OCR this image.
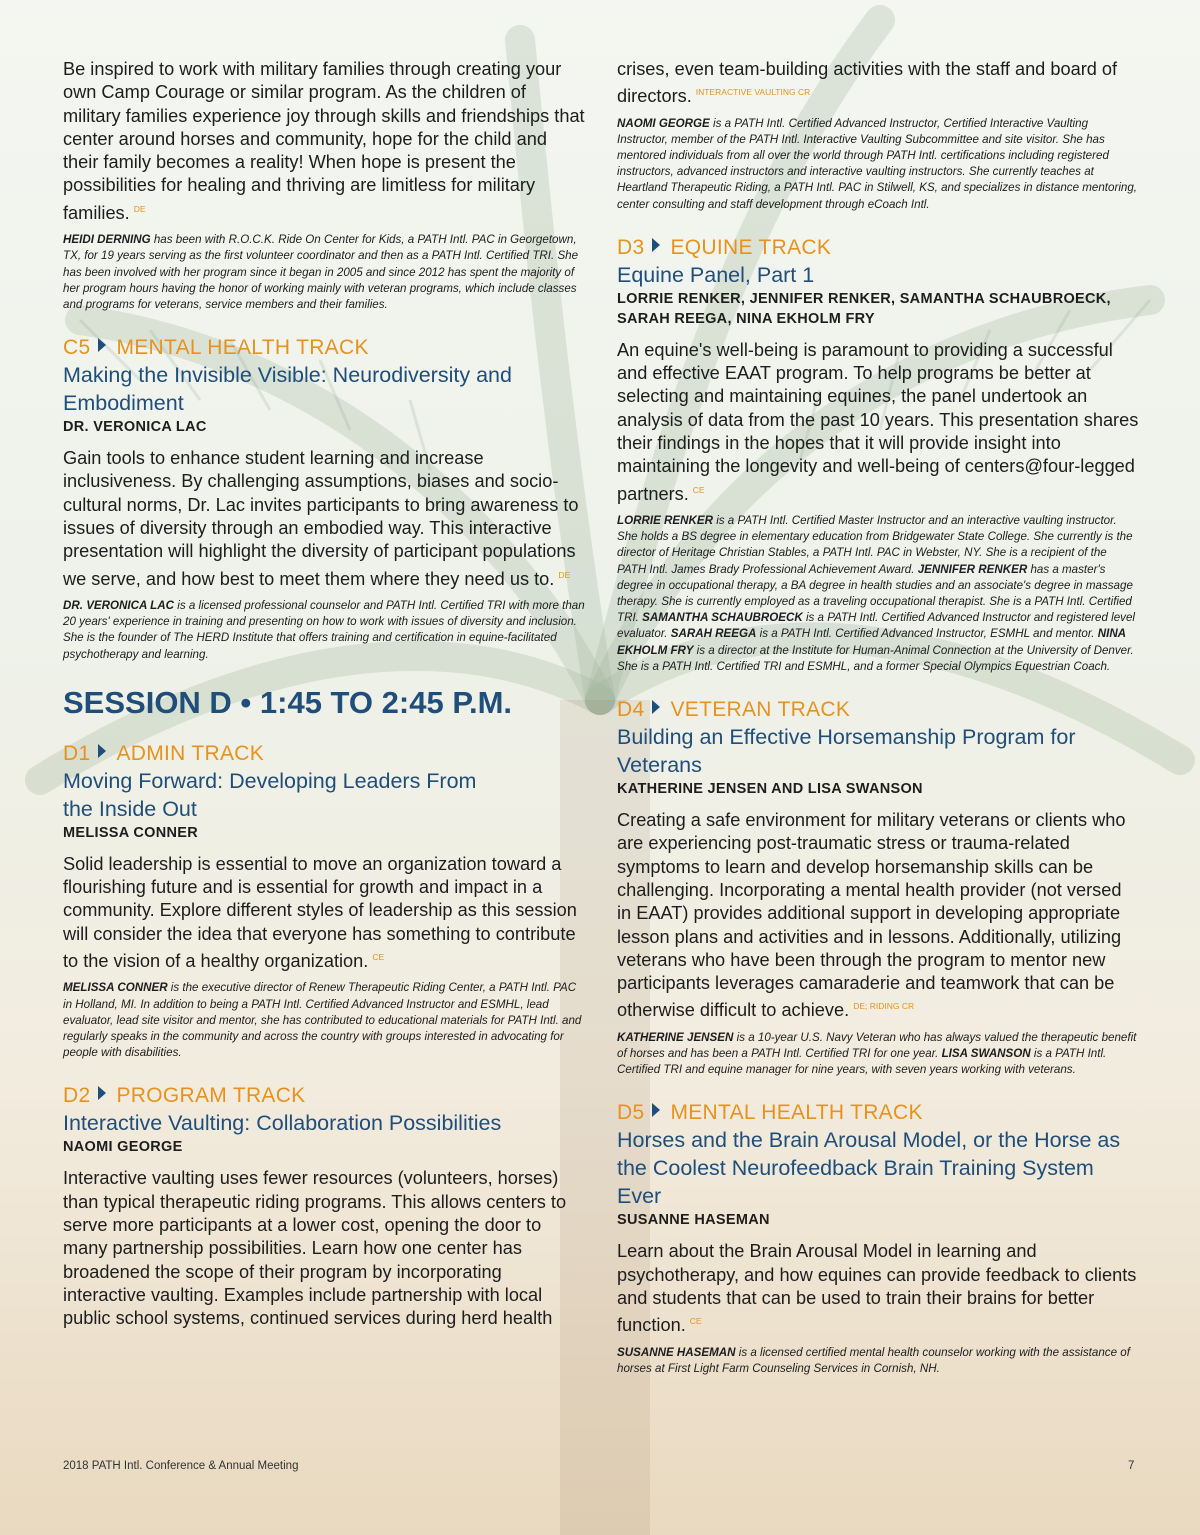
Be inspired to work with military families through creating your own Camp Courage or similar program. As the children of military families experience joy through skills and friendships that center around horses and community, hope for the child and their family becomes a reality! When hope is present the possibilities for healing and thriving are limitless for military families. $^{DE}$

HEIDI DERNING has been with R.O.C.K. Ride On Center for Kids, a PATH Intl. PAC in Georgetown, TX, for 19 years serving as the first volunteer coordinator and then as a PATH Intl. Certified TRI. She has been involved with her program since it began in 2005 and since 2012 has spent the majority of her program hours having the honor of working mainly with veteran programs, which include classes and programs for veterans, service members and their families.

C5 MENTAL HEALTH TRACK

Making the Invisible Visible: Neurodiversity and Embodiment

DR. VERONICA LAC

Gain tools to enhance student learning and increase inclusiveness. By challenging assumptions, biases and socio-cultural norms, Dr. Lac invites participants to bring awareness to issues of diversity through an embodied way. This interactive presentation will highlight the diversity of participant populations we serve, and how best to meet them where they need us to. $^{DE}$

DR. VERONICA LAC is a licensed professional counselor and PATH Intl. Certified TRI with more than 20 years' experience in training and presenting on how to work with issues of diversity and inclusion. She is the founder of The HERD Institute that offers training and certification in equine-facilitated psychotherapy and learning.

SESSION D • 1:45 TO 2:45 P.M.

D1 ADMIN TRACK

Moving Forward: Developing Leaders From the Inside Out

MELISSA CONNER

Solid leadership is essential to move an organization toward a flourishing future and is essential for growth and impact in a community. Explore different styles of leadership as this session will consider the idea that everyone has something to contribute to the vision of a healthy organization. $^{CE}$

MELISSA CONNER is the executive director of Renew Therapeutic Riding Center, a PATH Intl. PAC in Holland, MI. In addition to being a PATH Intl. Certified Advanced Instructor and ESMHL, lead evaluator, lead site visitor and mentor, she has contributed to educational materials for PATH Intl. and regularly speaks in the community and across the country with groups interested in advocating for people with disabilities.

D2 PROGRAM TRACK

Interactive Vaulting: Collaboration Possibilities

NAOMI GEORGE

Interactive vaulting uses fewer resources (volunteers, horses) than typical therapeutic riding programs. This allows centers to serve more participants at a lower cost, opening the door to many partnership possibilities. Learn how one center has broadened the scope of their program by incorporating interactive vaulting. Examples include partnership with local public school systems, continued services during herd health

crises, even team-building activities with the staff and board of directors. $^{INTERACTIVE VAULTING CR}$

NAOMI GEORGE is a PATH Intl. Certified Advanced Instructor, Certified Interactive Vaulting Instructor, member of the PATH Intl. Interactive Vaulting Subcommittee and site visitor. She has mentored individuals from all over the world through PATH Intl. certifications including registered instructors, advanced instructors and interactive vaulting instructors. She currently teaches at Heartland Therapeutic Riding, a PATH Intl. PAC in Stilwell, KS, and specializes in distance mentoring, center consulting and staff development through eCoach Intl.

D3 EQUINE TRACK

Equine Panel, Part 1

LORRIE RENKER, JENNIFER RENKER, SAMANTHA SCHAUBROECK, SARAH REEGA, NINA EKHOLM FRY

An equine's well-being is paramount to providing a successful and effective EAAT program. To help programs be better at selecting and maintaining equines, the panel undertook an analysis of data from the past 10 years. This presentation shares their findings in the hopes that it will provide insight into maintaining the longevity and well-being of centers@four-legged partners. $^{CE}$

LORRIE RENKER is a PATH Intl. Certified Master Instructor and an interactive vaulting instructor. She holds a BS degree in elementary education from Bridgewater State College. She currently is the director of Heritage Christian Stables, a PATH Intl. PAC in Webster, NY. She is a recipient of the PATH Intl. James Brady Professional Achievement Award. JENNIFER RENKER has a master's degree in occupational therapy, a BA degree in health studies and an associate's degree in massage therapy. She is currently employed as a traveling occupational therapist. She is a PATH Intl. Certified TRI. SAMANTHA SCHAUBROECK is a PATH Intl. Certified Advanced Instructor and registered level evaluator. SARAH REEGA is a PATH Intl. Certified Advanced Instructor, ESMHL and mentor. NINA EKHOLM FRY is a director at the Institute for Human-Animal Connection at the University of Denver. She is a PATH Intl. Certified TRI and ESMHL, and a former Special Olympics Equestrian Coach.

D4 VETERAN TRACK

Building an Effective Horsemanship Program for Veterans

KATHERINE JENSEN AND LISA SWANSON

Creating a safe environment for military veterans or clients who are experiencing post-traumatic stress or trauma-related symptoms to learn and develop horsemanship skills can be challenging. Incorporating a mental health provider (not versed in EAAT) provides additional support in developing appropriate lesson plans and activities and in lessons. Additionally, utilizing veterans who have been through the program to mentor new participants leverages camaraderie and teamwork that can be otherwise difficult to achieve. $^{DE; RIDING CR}$

KATHERINE JENSEN is a 10-year U.S. Navy Veteran who has always valued the therapeutic benefit of horses and has been a PATH Intl. Certified TRI for one year. LISA SWANSON is a PATH Intl. Certified TRI and equine manager for nine years, with seven years working with veterans.

D5 MENTAL HEALTH TRACK

Horses and the Brain Arousal Model, or the Horse as the Coolest Neurofeedback Brain Training System Ever

SUSANNE HASEMAN

Learn about the Brain Arousal Model in learning and psychotherapy, and how equines can provide feedback to clients and students that can be used to train their brains for better function. $^{CE}$

SUSANNE HASEMAN is a licensed certified mental health counselor working with the assistance of horses at First Light Farm Counseling Services in Cornish, NH.

2018 PATH Intl. Conference & Annual Meeting	7
